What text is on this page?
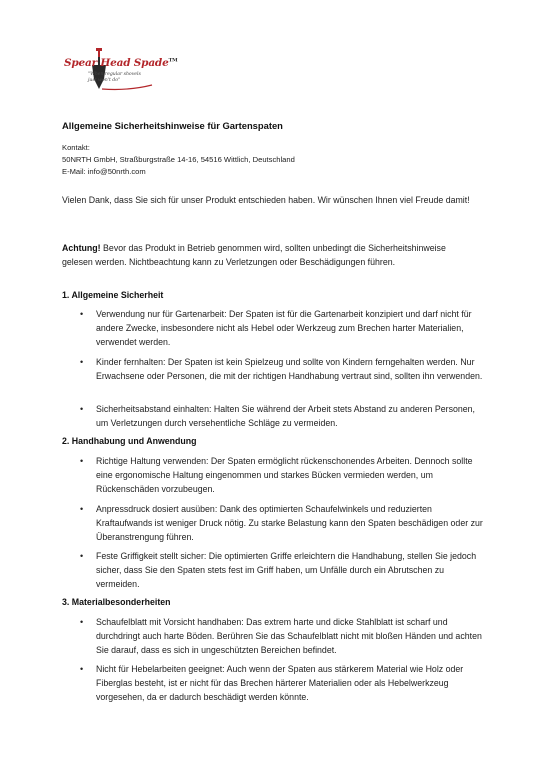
Spear Head Spade™
"When regular shovels just won't do"
Allgemeine Sicherheitshinweise für Gartenspaten
Kontakt:
50NRTH GmbH, Straßburgstraße 14-16, 54516 Wittlich, Deutschland
E-Mail: info@50nrth.com

Vielen Dank, dass Sie sich für unser Produkt entschieden haben. Wir wünschen Ihnen viel Freude damit!

Achtung! Bevor das Produkt in Betrieb genommen wird, sollten unbedingt die Sicherheitshinweise gelesen werden. Nichtbeachtung kann zu Verletzungen oder Beschädigungen führen.

1. Allgemeine Sicherheit
• Verwendung nur für Gartenarbeit: Der Spaten ist für die Gartenarbeit konzipiert und darf nicht für andere Zwecke, insbesondere nicht als Hebel oder Werkzeug zum Brechen harter Materialien, verwendet werden.
• Kinder fernhalten: Der Spaten ist kein Spielzeug und sollte von Kindern ferngehalten werden. Nur Erwachsene oder Personen, die mit der richtigen Handhabung vertraut sind, sollten ihn verwenden.
• Sicherheitsabstand einhalten: Halten Sie während der Arbeit stets Abstand zu anderen Personen, um Verletzungen durch versehentliche Schläge zu vermeiden.
2. Handhabung und Anwendung
• Richtige Haltung verwenden: Der Spaten ermöglicht rückenschonendes Arbeiten. Dennoch sollte eine ergonomische Haltung eingenommen und starkes Bücken vermieden werden, um Rückenschäden vorzubeugen.
• Anpressdruck dosiert ausüben: Dank des optimierten Schaufelwinkels und reduzierten Kraftaufwands ist weniger Druck nötig. Zu starke Belastung kann den Spaten beschädigen oder zur Überanstrengung führen.
• Feste Griffigkeit stellt sicher: Die optimierten Griffe erleichtern die Handhabung, stellen Sie jedoch sicher, dass Sie den Spaten stets fest im Griff haben, um Unfälle durch ein Abrutschen zu vermeiden.
3. Materialbesonderheiten
• Schaufelblatt mit Vorsicht handhaben: Das extrem harte und dicke Stahlblatt ist scharf und durchdringt auch harte Böden. Berühren Sie das Schaufelblatt nicht mit bloßen Händen und achten Sie darauf, dass es sich in ungeschützten Bereichen befindet.
• Nicht für Hebelarbeiten geeignet: Auch wenn der Spaten aus stärkerem Material wie Holz oder Fiberglas besteht, ist er nicht für das Brechen härterer Materialien oder als Hebelwerkzeug vorgesehen, da er dadurch beschädigt werden könnte.
